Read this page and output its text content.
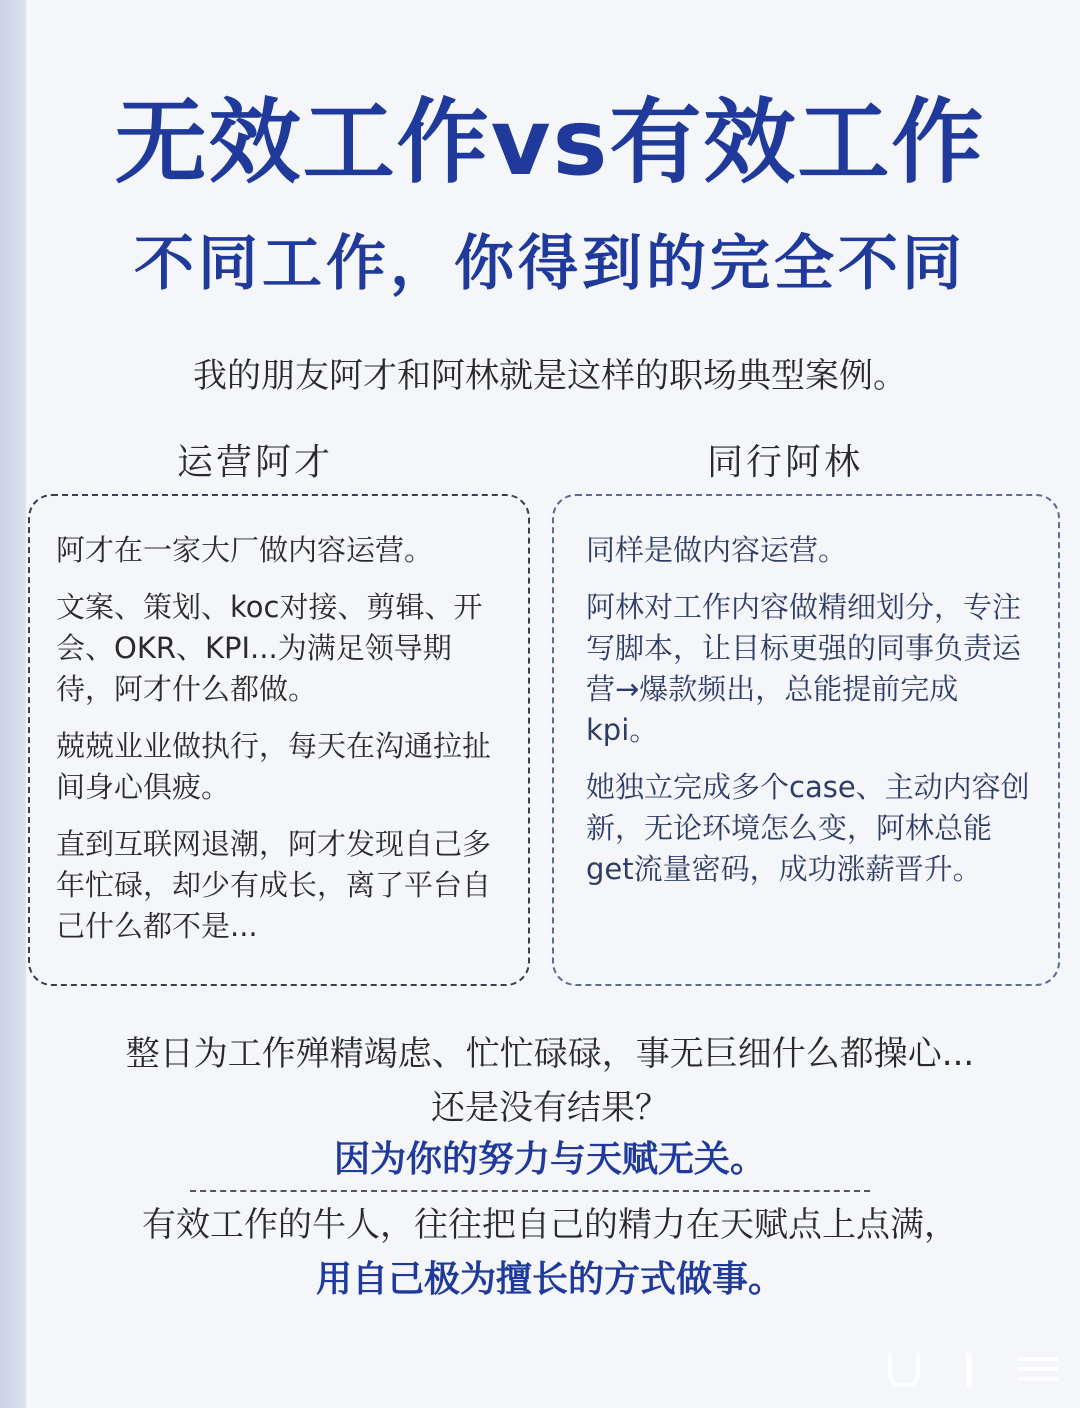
无效工作vs有效工作
不同工作，你得到的完全不同
我的朋友阿才和阿林就是这样的职场典型案例。
运营阿才	同行阿林

阿才在一家大厂做内容运营。

文案、策划、koc对接、剪辑、开会、OKR、KPI...为满足领导期待，阿才什么都做。

兢兢业业做执行，每天在沟通拉扯间身心俱疲。

直到互联网退潮，阿才发现自己多年忙碌，却少有成长，离了平台自己什么都不是...

同样是做内容运营。

阿林对工作内容做精细划分，专注写脚本，让目标更强的同事负责运营→爆款频出，总能提前完成kpi。

她独立完成多个case、主动内容创新，无论环境怎么变，阿林总能get流量密码，成功涨薪晋升。

整日为工作殚精竭虑、忙忙碌碌，事无巨细什么都操心...
还是没有结果？
因为你的努力与天赋无关。
有效工作的牛人，往往把自己的精力在天赋点上点满，
用自己极为擅长的方式做事。
